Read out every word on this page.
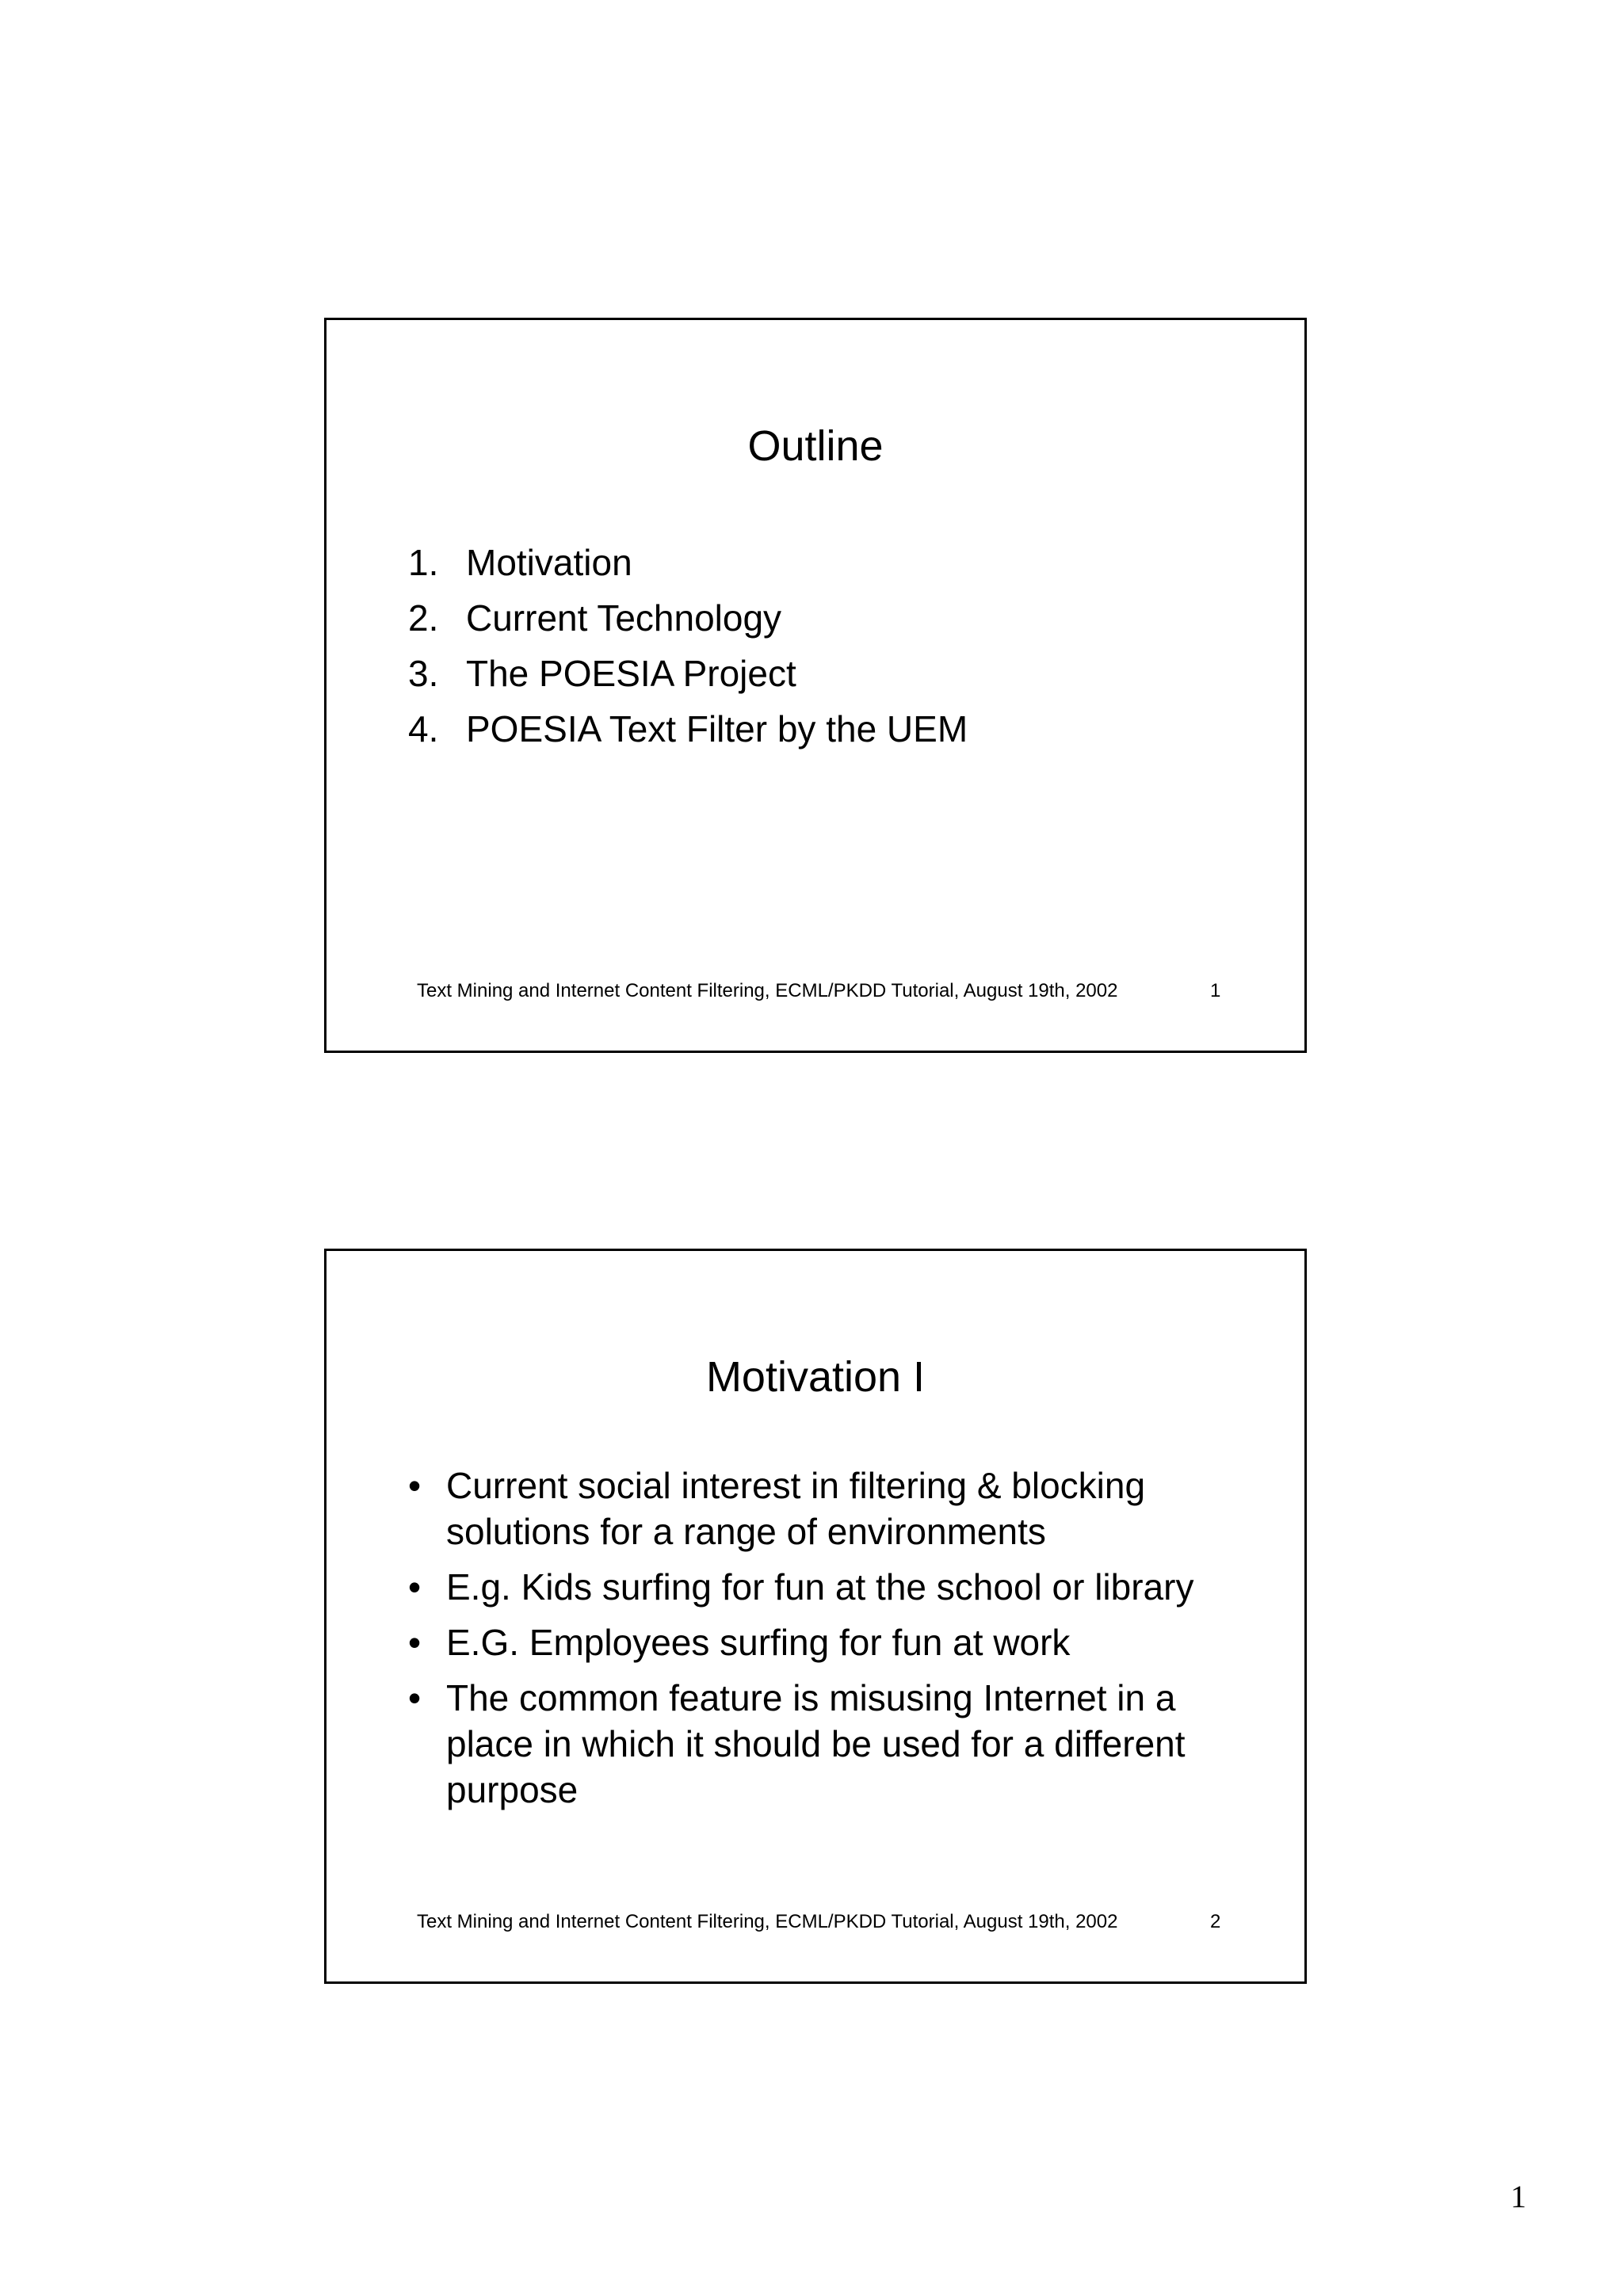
Outline
1. Motivation
2. Current Technology
3. The POESIA Project
4. POESIA Text Filter by the UEM
Text Mining and Internet Content Filtering, ECML/PKDD Tutorial, August 19th, 2002	1
Motivation I
• Current social interest in filtering & blocking solutions for a range of environments
• E.g. Kids surfing for fun at the school or library
• E.G. Employees surfing for fun at work
• The common feature is misusing Internet in a place in which it should be used for a different purpose
Text Mining and Internet Content Filtering, ECML/PKDD Tutorial, August 19th, 2002	2
1
